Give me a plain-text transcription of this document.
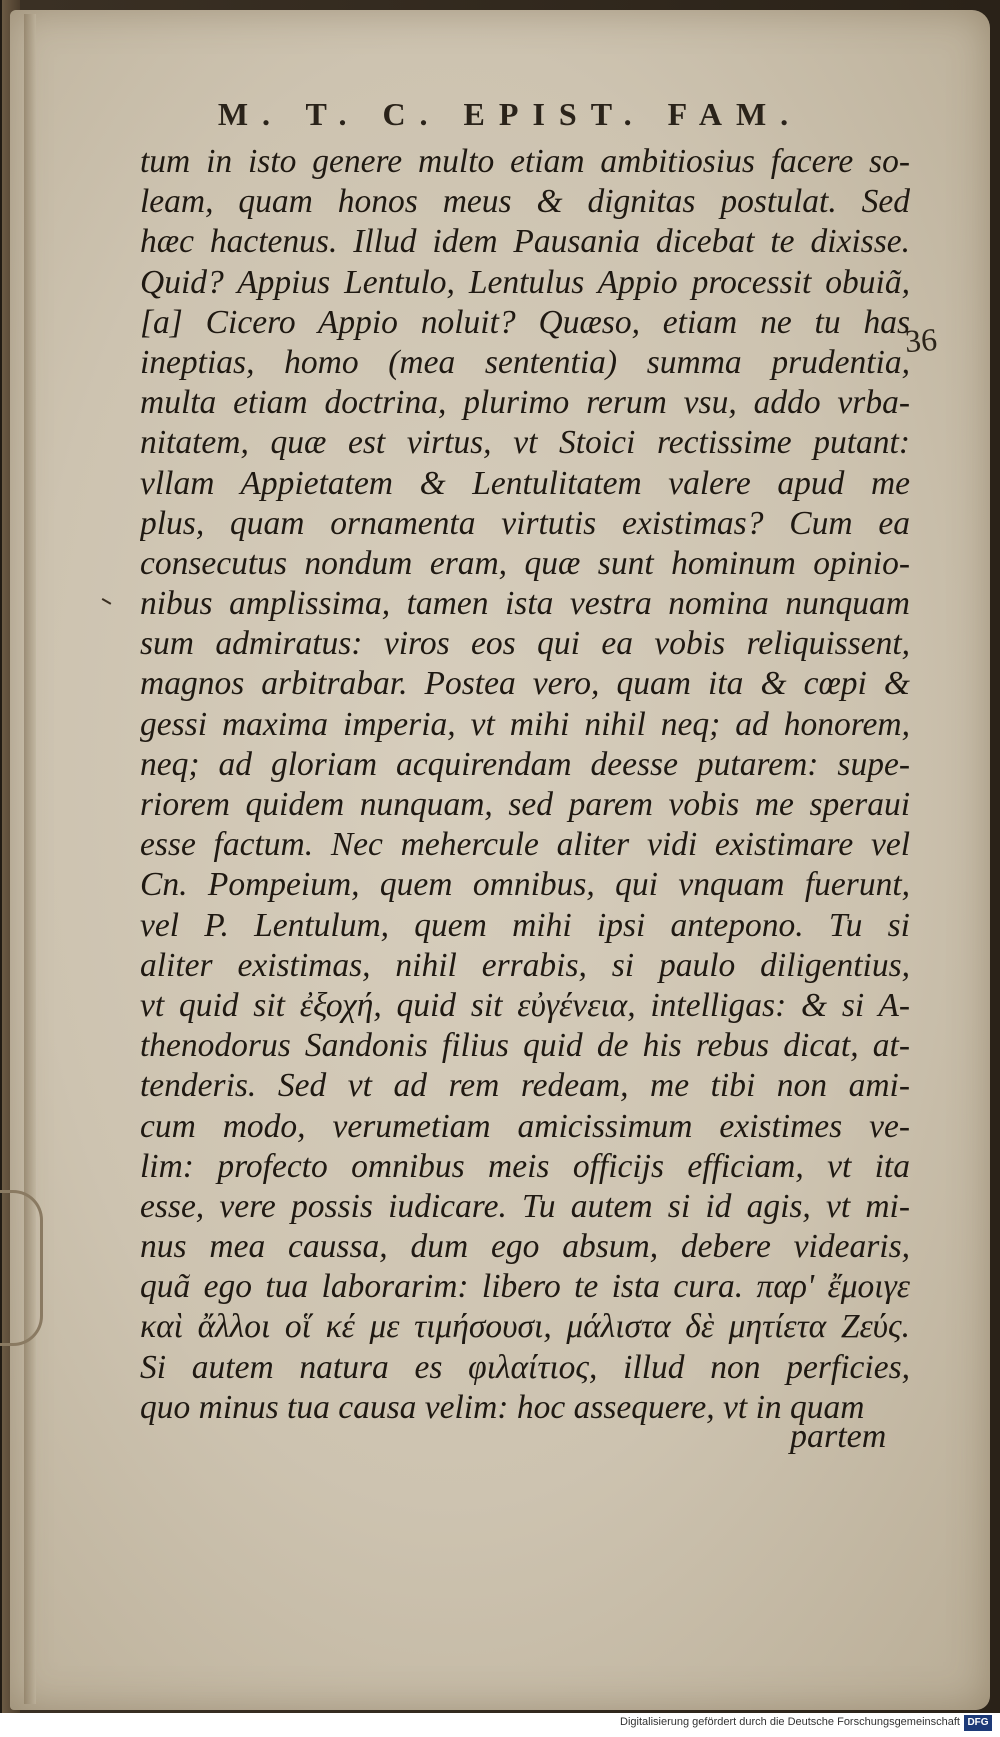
M. T. C. EPIST. FAM.
36
tum in isto genere multo etiam ambitiosius facere so-
leam, quam honos meus & dignitas postulat. Sed
hæc hactenus. Illud idem Pausania dicebat te dixisse.
Quid? Appius Lentulo, Lentulus Appio processit obuiã,
[a] Cicero Appio noluit? Quæso, etiam ne tu has
ineptias, homo (mea sententia) summa prudentia,
multa etiam doctrina, plurimo rerum vsu, addo vrba-
nitatem, quæ est virtus, vt Stoici rectissime putant:
vllam Appietatem & Lentulitatem valere apud me
plus, quam ornamenta virtutis existimas? Cum ea
consecutus nondum eram, quæ sunt hominum opinio-
nibus amplissima, tamen ista vestra nomina nunquam
sum admiratus: viros eos qui ea vobis reliquissent,
magnos arbitrabar. Postea vero, quam ita & cœpi &
gessi maxima imperia, vt mihi nihil neq; ad honorem,
neq; ad gloriam acquirendam deesse putarem: supe-
riorem quidem nunquam, sed parem vobis me speraui
esse factum. Nec mehercule aliter vidi existimare vel
Cn. Pompeium, quem omnibus, qui vnquam fuerunt,
vel P. Lentulum, quem mihi ipsi antepono. Tu si
aliter existimas, nihil errabis, si paulo diligentius,
vt quid sit ἐξοχή, quid sit εὐγένεια, intelligas: & si A-
thenodorus Sandonis filius quid de his rebus dicat, at-
tenderis. Sed vt ad rem redeam, me tibi non ami-
cum modo, verumetiam amicissimum existimes ve-
lim: profecto omnibus meis officijs efficiam, vt ita
esse, vere possis iudicare. Tu autem si id agis, vt mi-
nus mea caussa, dum ego absum, debere videaris,
quã ego tua laborarim: libero te ista cura. παρ' ἔμοιγε
καὶ ἄλλοι οἵ κέ με τιμήσουσι, μάλιστα δὲ μητίετα Ζεύς.
Si autem natura es φιλαίτιος, illud non perficies,
quo minus tua causa velim: hoc assequere, vt in quam
partem
Digitalisierung gefördert durch die Deutsche Forschungsgemeinschaft DFG
